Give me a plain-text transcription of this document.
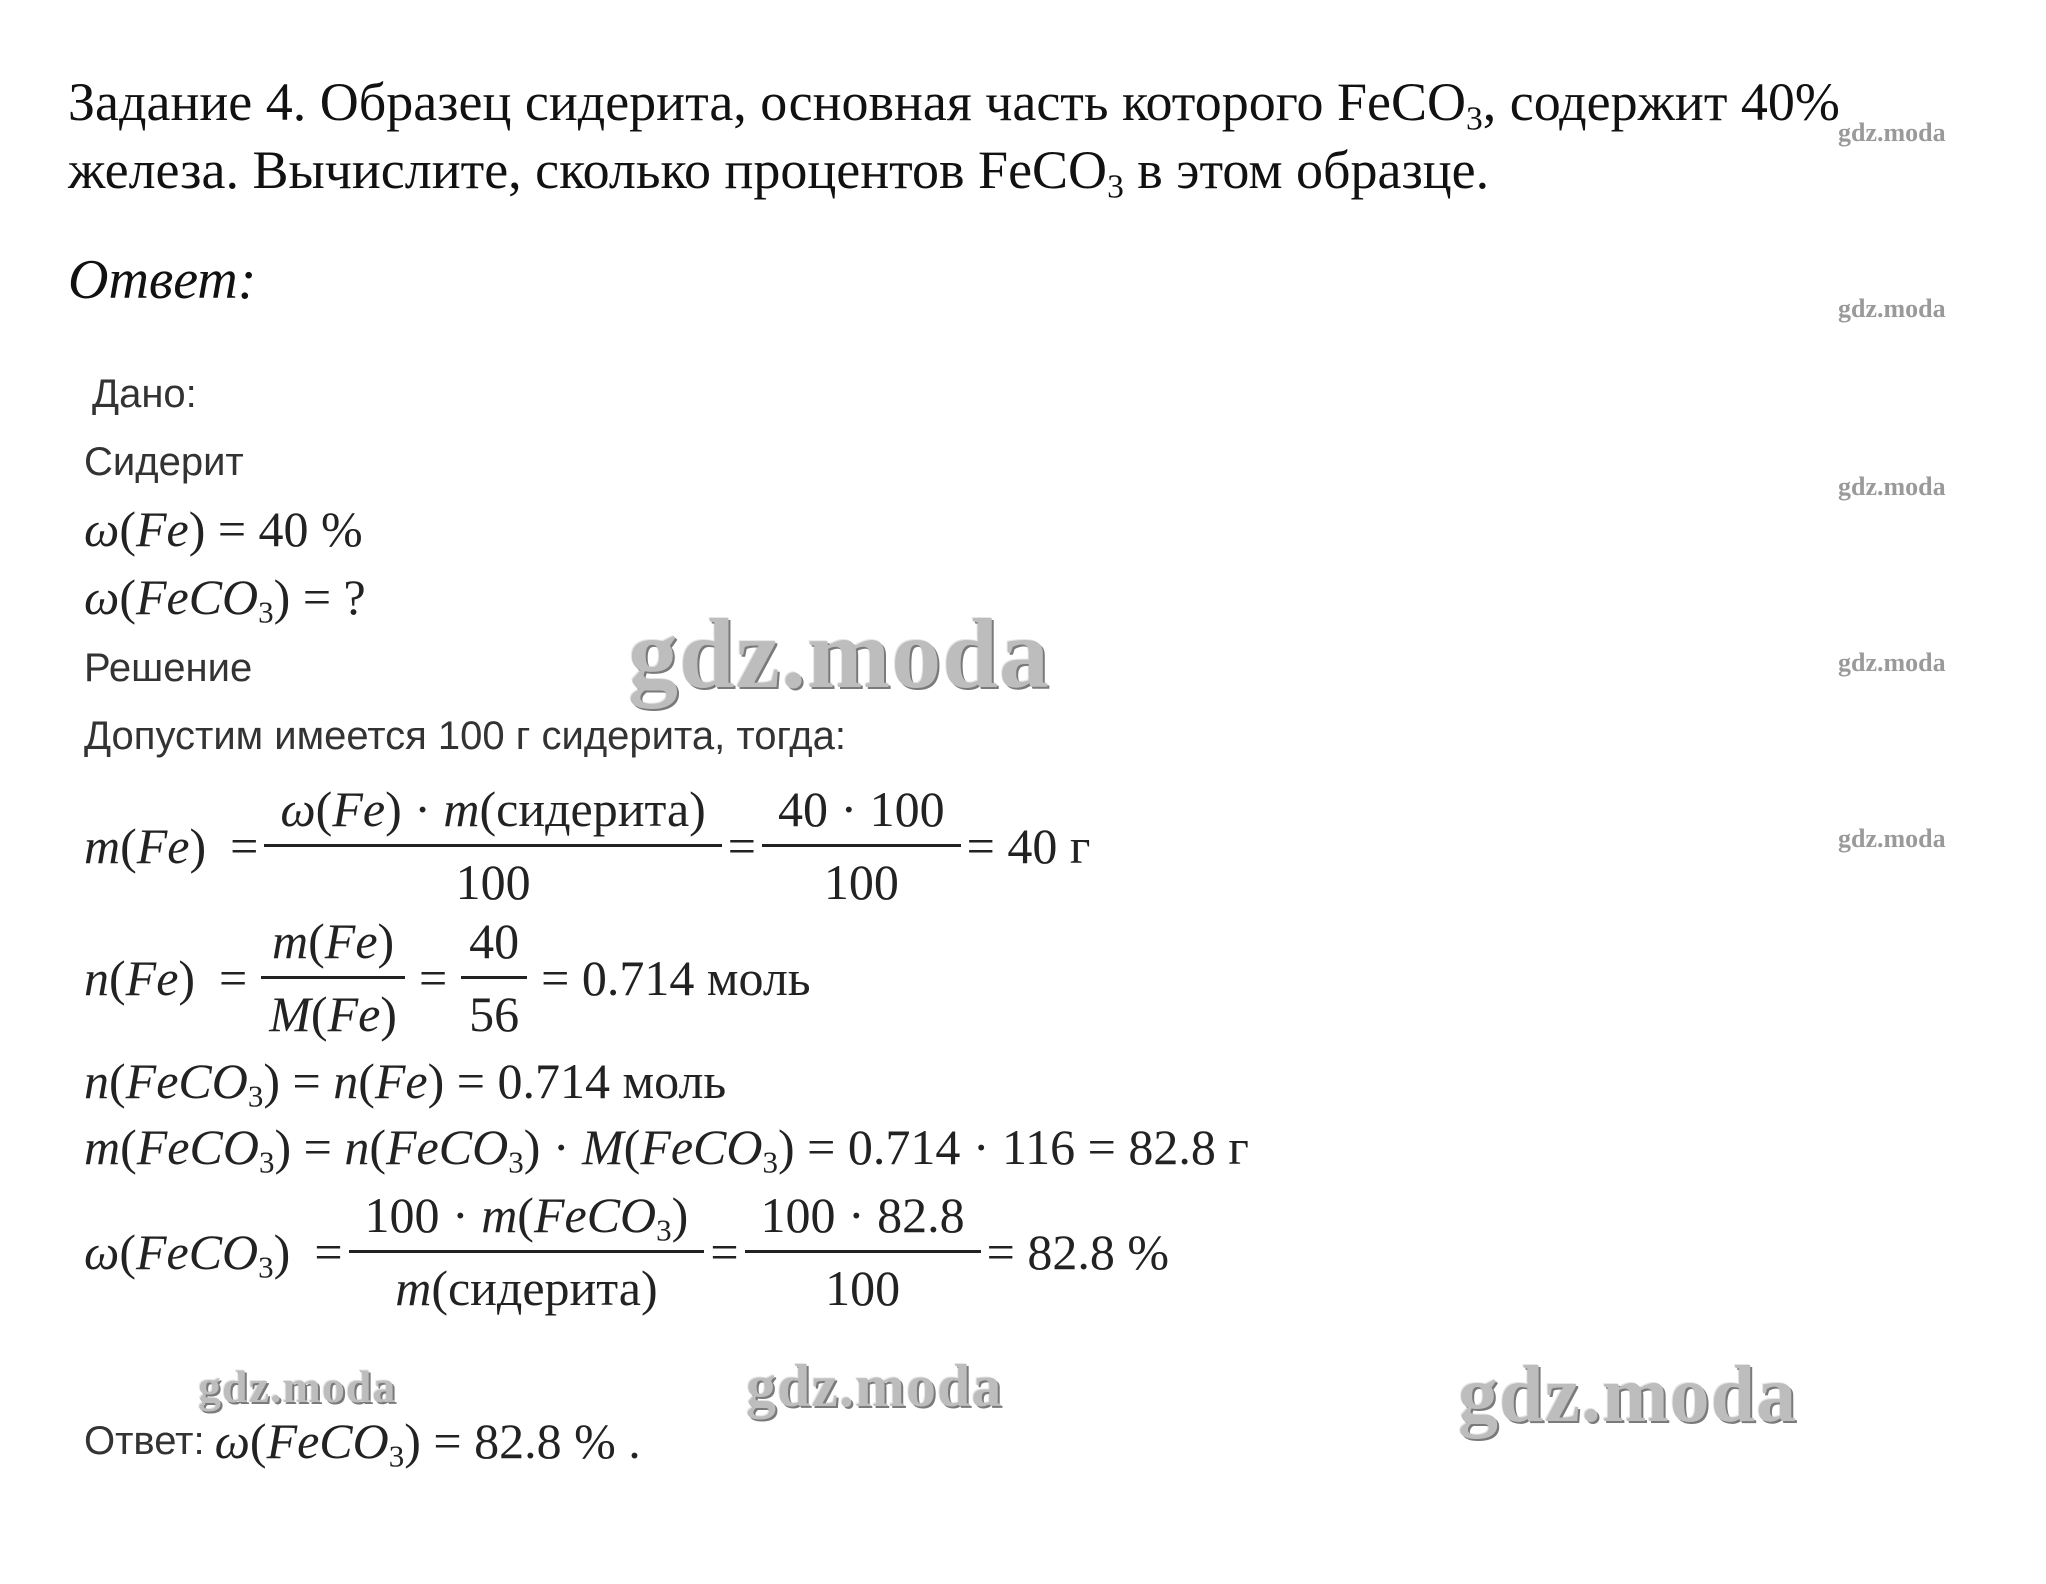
Задание 4. Образец сидерита, основная часть которого FeCO$_3$, содержит 40%
железа. Вычислите, сколько процентов FeCO$_3$ в этом образце.
Ответ:
Дано:
Сидерит
ω(Fe) = 40 %
ω(FeCO$_3$) = ?
Решение
Допустим имеется 100 г сидерита, тогда:
$m(Fe) = \frac{\text{ω(Fe) · m(сидерита)}}{100} = \frac{40 \cdot 100}{100} = 40$ г
$n(Fe) = \frac{m(Fe)}{M(Fe)} = \frac{40}{56} = 0.714$ моль
n(FeCO$_3$) = n(Fe) = 0.714 моль
m(FeCO$_3$) = n(FeCO$_3$) · M(FeCO$_3$) = 0.714 · 116 = 82.8 г
ω(FeCO$_3$) = $\frac{100 \cdot m(FeCO_3)}{\text{m(сидерита)}} = \frac{100 \cdot 82.8}{100} = 82.8$ %
Ответ: ω(FeCO$_3$) = 82.8 % .
gdz.moda
gdz.moda
gdz.moda
gdz.moda
gdz.moda
gdz.moda
gdz.moda	gdz.moda	gdz.moda
